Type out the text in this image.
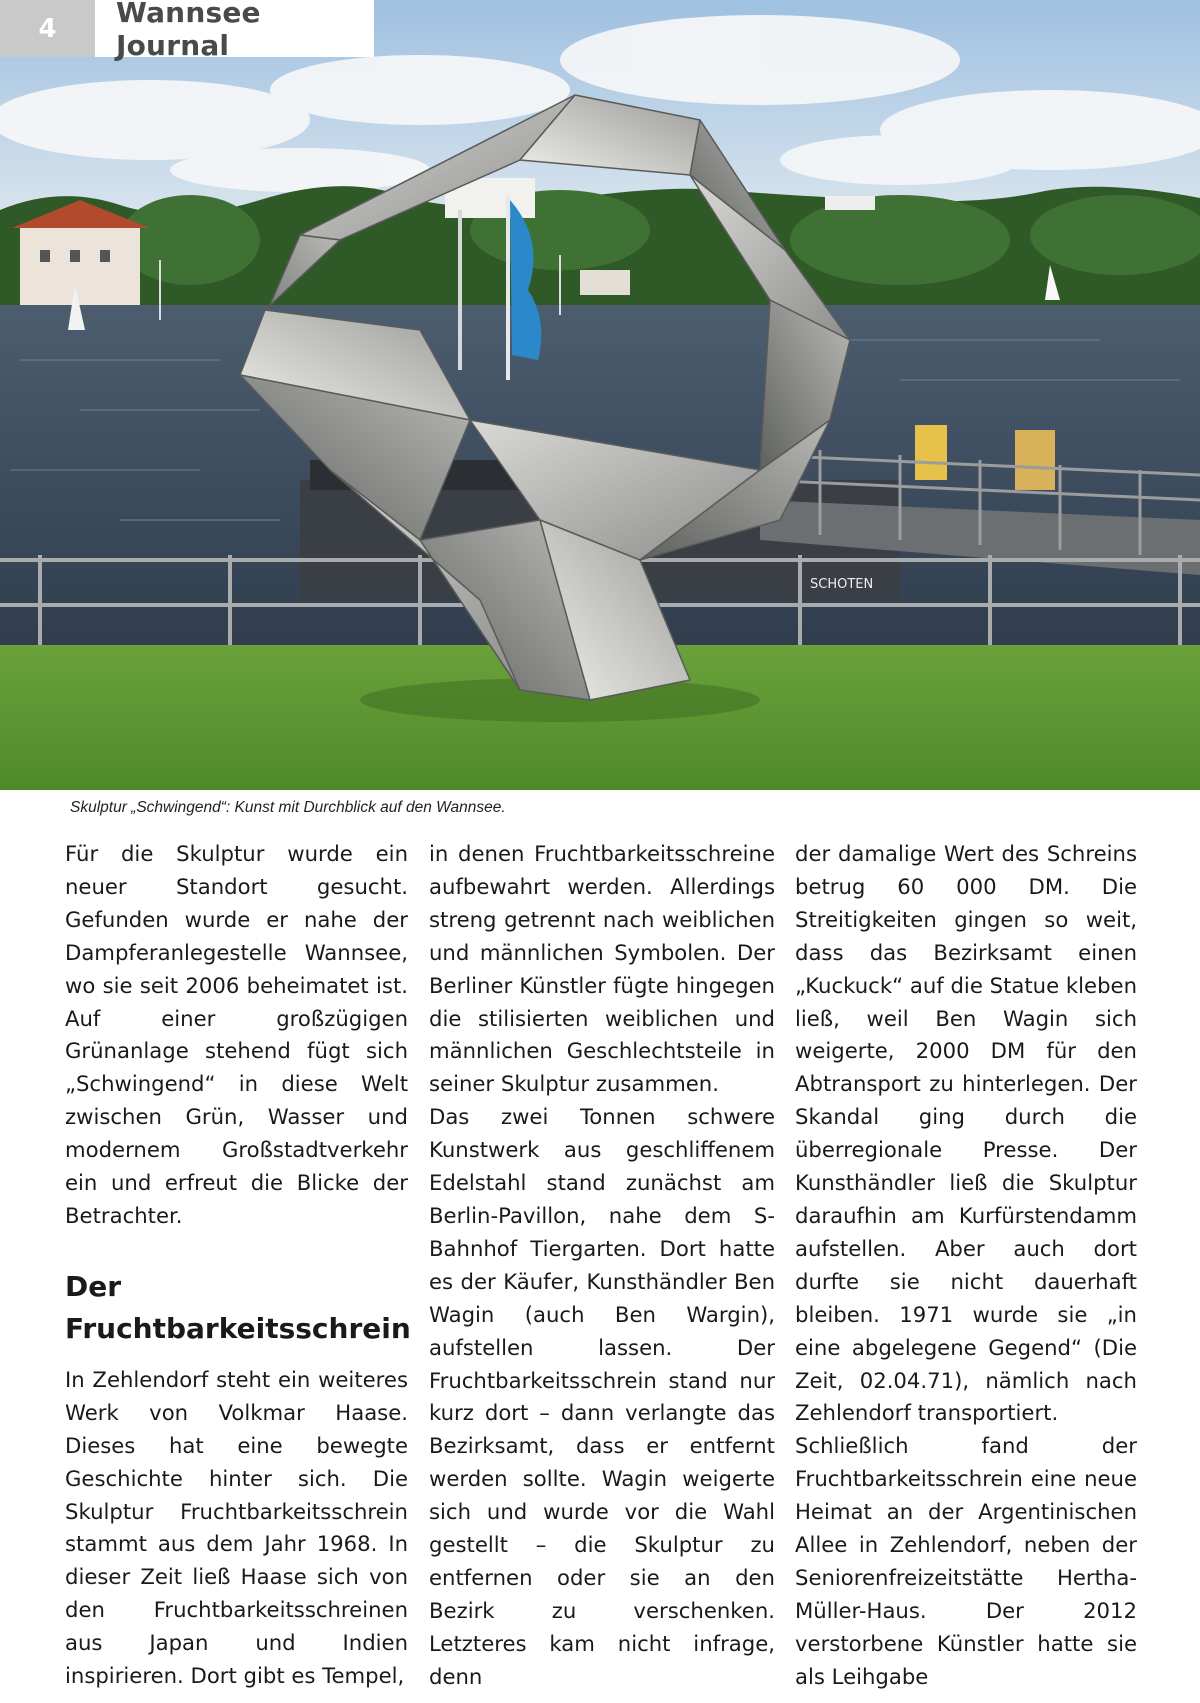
SCHOTEN
4	Wannsee Journal
Skulptur „Schwingend“: Kunst mit Durchblick auf den Wannsee.

Für die Skulptur wurde ein neuer Standort gesucht. Gefunden wurde er nahe der Dampferanlegestelle Wannsee, wo sie seit 2006 beheimatet ist. Auf einer großzügigen Grünanlage stehend fügt sich „Schwingend“ in diese Welt zwischen Grün, Wasser und modernem Großstadtverkehr ein und erfreut die Blicke der Betrachter.

Der Fruchtbarkeitsschrein

In Zehlendorf steht ein weiteres Werk von Volkmar Haase. Dieses hat eine bewegte Geschichte hinter sich. Die Skulptur Fruchtbarkeitsschrein stammt aus dem Jahr 1968. In dieser Zeit ließ Haase sich von den Fruchtbarkeitsschreinen aus Japan und Indien inspirieren. Dort gibt es Tempel,

in denen Fruchtbarkeitsschreine aufbewahrt werden. Allerdings streng getrennt nach weiblichen und männlichen Symbolen. Der Berliner Künstler fügte hingegen die stilisierten weiblichen und männlichen Geschlechtsteile in seiner Skulptur zusammen.

Das zwei Tonnen schwere Kunstwerk aus geschliffenem Edelstahl stand zunächst am Berlin-Pavillon, nahe dem S-Bahnhof Tiergarten. Dort hatte es der Käufer, Kunsthändler Ben Wagin (auch Ben Wargin), aufstellen lassen. Der Fruchtbarkeitsschrein stand nur kurz dort – dann verlangte das Bezirksamt, dass er entfernt werden sollte. Wagin weigerte sich und wurde vor die Wahl gestellt – die Skulptur zu entfernen oder sie an den Bezirk zu verschenken. Letzteres kam nicht infrage, denn

der damalige Wert des Schreins betrug 60 000 DM. Die Streitigkeiten gingen so weit, dass das Bezirksamt einen „Kuckuck“ auf die Statue kleben ließ, weil Ben Wagin sich weigerte, 2000 DM für den Abtransport zu hinterlegen. Der Skandal ging durch die überregionale Presse. Der Kunsthändler ließ die Skulptur daraufhin am Kurfürstendamm aufstellen. Aber auch dort durfte sie nicht dauerhaft bleiben. 1971 wurde sie „in eine abgelegene Gegend“ (Die Zeit, 02.04.71), nämlich nach Zehlendorf transportiert.

Schließlich fand der Fruchtbarkeitsschrein eine neue Heimat an der Argentinischen Allee in Zehlendorf, neben der Seniorenfreizeitstätte Hertha-Müller-Haus. Der 2012 verstorbene Künstler hatte sie als Leihgabe
